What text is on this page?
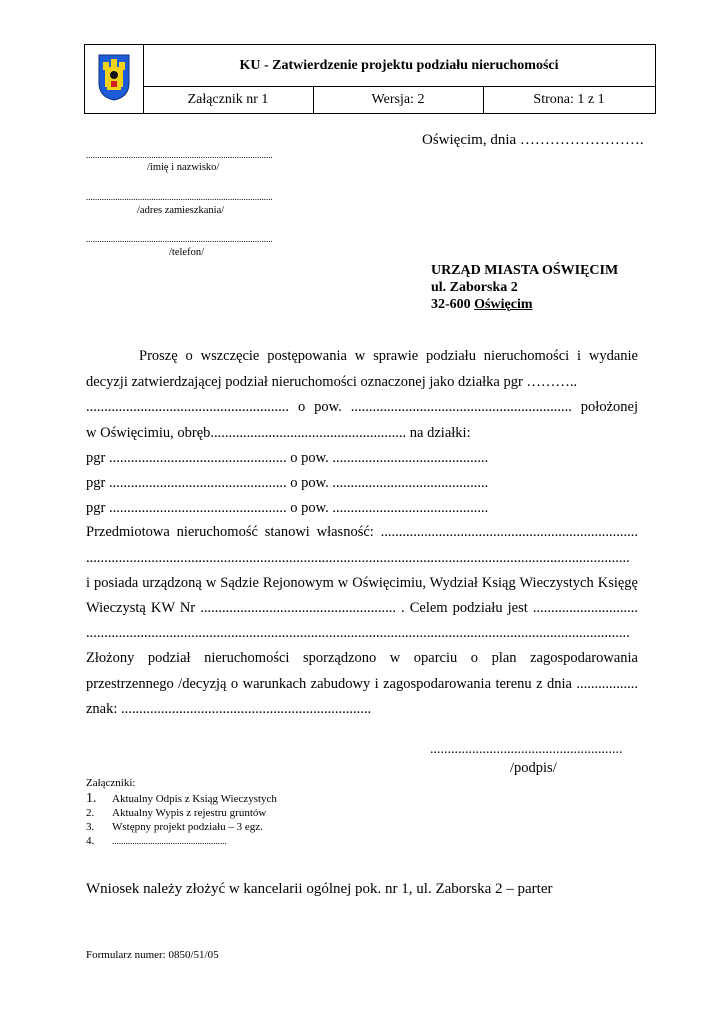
KU - Zatwierdzenie projektu podziału nieruchomości
Załącznik nr 1	Wersja: 2	Strona: 1 z 1
Oświęcim, dnia …………………….
...................................................................................
/imię i nazwisko/
...................................................................................
/adres zamieszkania/
...................................................................................
/telefon/
URZĄD MIASTA OŚWIĘCIM
ul. Zaborska 2
32-600 Oświęcim
Proszę o wszczęcie postępowania w sprawie podziału nieruchomości i wydanie
decyzji zatwierdzającej podział nieruchomości oznaczonej jako działka pgr ………..
........................................................ o pow. ............................................................. położonej
w Oświęcimiu, obręb...................................................... na działki:
pgr ................................................. o pow. ...........................................
pgr ................................................. o pow. ...........................................
pgr ................................................. o pow. ...........................................
Przedmiotowa nieruchomość stanowi własność: .......................................................................
......................................................................................................................................................
i posiada urządzoną w Sądzie Rejonowym w Oświęcimiu, Wydział Ksiąg Wieczystych Księgę
Wieczystą KW Nr ...................................................... . Celem podziału jest .............................
......................................................................................................................................................
Złożony podział nieruchomości sporządzono w oparciu o plan zagospodarowania
przestrzennego /decyzją o warunkach zabudowy i zagospodarowania terenu z dnia .................
znak: .....................................................................
.......................................................
/podpis/
Załączniki:
1.	Aktualny Odpis z Ksiąg Wieczystych
2.	Aktualny Wypis z rejestru gruntów
3.	Wstępny projekt podziału – 3 egz.
4.	...................................................
Wniosek należy złożyć w kancelarii ogólnej pok. nr 1, ul. Zaborska 2 – parter
Formularz numer: 0850/51/05
